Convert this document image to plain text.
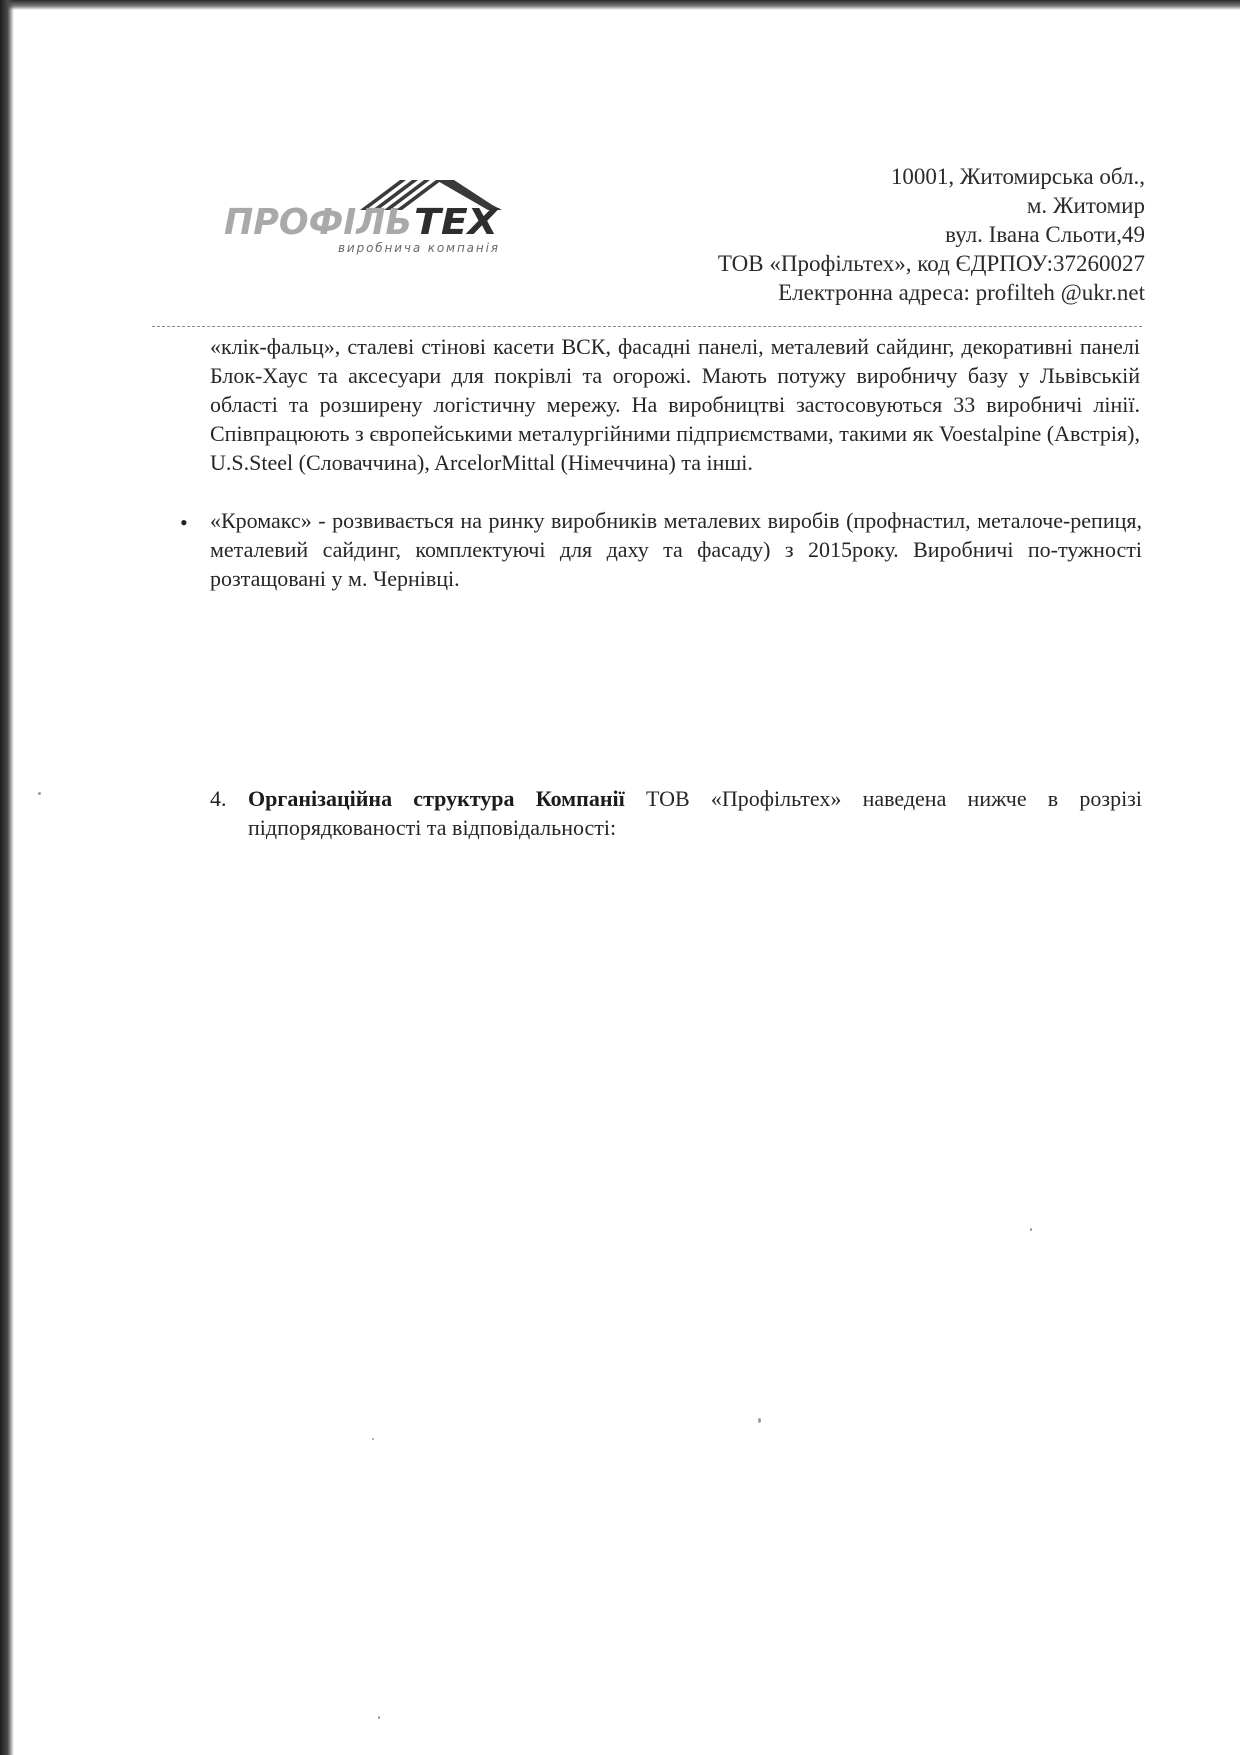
ПРОФІЛЬ ТЕХ
виробнича компанія
10001, Житомирська обл.,
м. Житомир
вул. Івана Сльоти,49
ТОВ «Профільтех», код ЄДРПОУ:37260027
Електронна адреса: profilteh @ukr.net

«клік-фальц», сталеві стінові касети ВСК, фасадні панелі, металевий сайдинг, декоративні панелі Блок-Хаус та аксесуари для покрівлі та огорожі. Мають потужу виробничу базу у Львівській області та розширену логістичну мережу. На виробництві застосовуються 33 виробничі лінії. Співпрацюють з європейськими металургійними підприємствами, такими як Voestalpine (Австрія), U.S.Steel (Словаччина), ArcelorMittal (Німеччина) та інші.

• «Кромакс» - розвивається на ринку виробників металевих виробів (профнастил, металоче-репиця, металевий сайдинг, комплектуючі для даху та фасаду) з 2015року. Виробничі по-тужності розтащовані у м. Чернівці.

4. Організаційна структура Компанії ТОВ «Профільтех» наведена нижче в розрізі підпорядкованості та відповідальності:
